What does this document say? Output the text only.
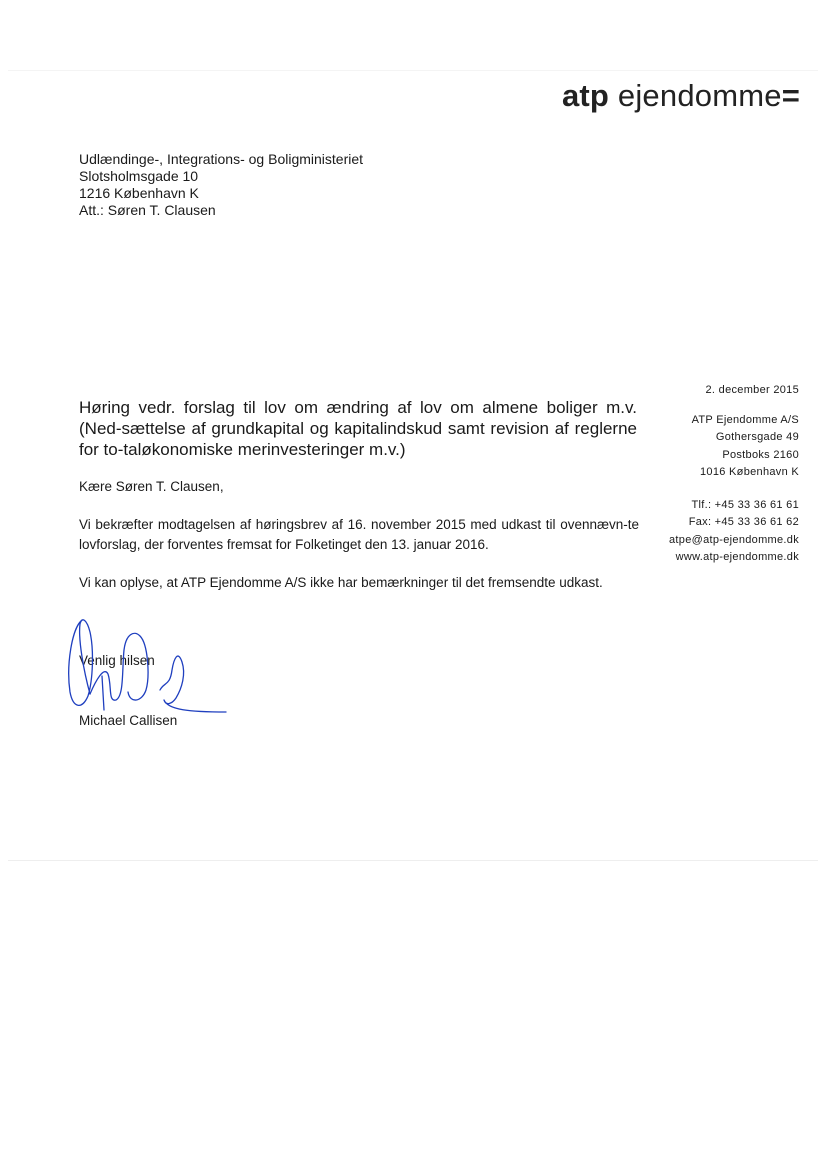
atp ejendomme=
Udlændinge-, Integrations- og Boligministeriet
Slotsholmsgade 10
1216 København K
Att.: Søren T. Clausen
2. december 2015
ATP Ejendomme A/S
Gothersgade 49
Postboks 2160
1016 København K
Tlf.: +45 33 36 61 61
Fax: +45 33 36 61 62
atpe@atp-ejendomme.dk
www.atp-ejendomme.dk
Høring vedr. forslag til lov om ændring af lov om almene boliger m.v. (Ned-sættelse af grundkapital og kapitalindskud samt revision af reglerne for to-taløkonomiske merinvesteringer m.v.)
Kære Søren T. Clausen,
Vi bekræfter modtagelsen af høringsbrev af 16. november 2015 med udkast til ovennævn-te lovforslag, der forventes fremsat for Folketinget den 13. januar 2016.
Vi kan oplyse, at ATP Ejendomme A/S ikke har bemærkninger til det fremsendte udkast.
Venlig hilsen
Michael Callisen
